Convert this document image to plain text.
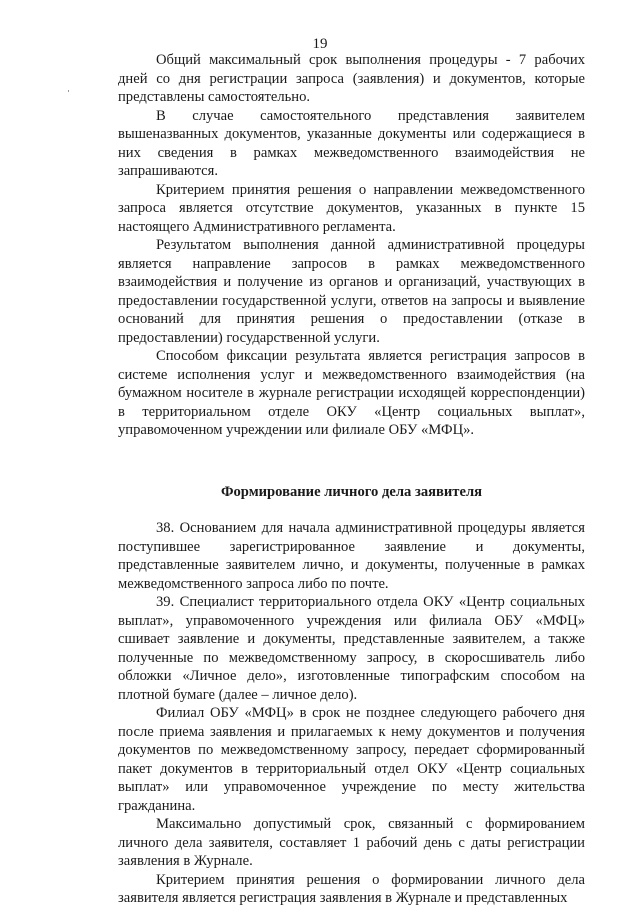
19

Общий максимальный срок выполнения процедуры - 7 рабочих дней со дня регистрации запроса (заявления) и документов, которые представлены самостоятельно.

В случае самостоятельного представления заявителем вышеназванных документов, указанные документы или содержащиеся в них сведения в рамках межведомственного взаимодействия не запрашиваются.

Критерием принятия решения о направлении межведомственного запроса является отсутствие документов, указанных в пункте 15 настоящего Административного регламента.

Результатом выполнения данной административной процедуры является направление запросов в рамках межведомственного взаимодействия и получение из органов и организаций, участвующих в предоставлении государственной услуги, ответов на запросы и выявление оснований для принятия решения о предоставлении (отказе в предоставлении) государственной услуги.

Способом фиксации результата является регистрация запросов в системе исполнения услуг и межведомственного взаимодействия (на бумажном носителе в журнале регистрации исходящей корреспонденции) в территориальном отделе ОКУ «Центр социальных выплат», управомоченном учреждении или филиале ОБУ «МФЦ».

Формирование личного дела заявителя

38. Основанием для начала административной процедуры является поступившее зарегистрированное заявление и документы, представленные заявителем лично, и документы, полученные в рамках межведомственного запроса либо по почте.

39. Специалист территориального отдела ОКУ «Центр социальных выплат», управомоченного учреждения или филиала ОБУ «МФЦ» сшивает заявление и документы, представленные заявителем, а также полученные по межведомственному запросу, в скоросшиватель либо обложки «Личное дело», изготовленные типографским способом на плотной бумаге (далее – личное дело).

Филиал ОБУ «МФЦ» в срок не позднее следующего рабочего дня после приема заявления и прилагаемых к нему документов и получения документов по межведомственному запросу, передает сформированный пакет документов в территориальный отдел ОКУ «Центр социальных выплат» или управомоченное учреждение по месту жительства гражданина.

Максимально допустимый срок, связанный с формированием личного дела заявителя, составляет 1 рабочий день с даты регистрации заявления в Журнале.

Критерием принятия решения о формировании личного дела заявителя является регистрация заявления в Журнале и представленных
